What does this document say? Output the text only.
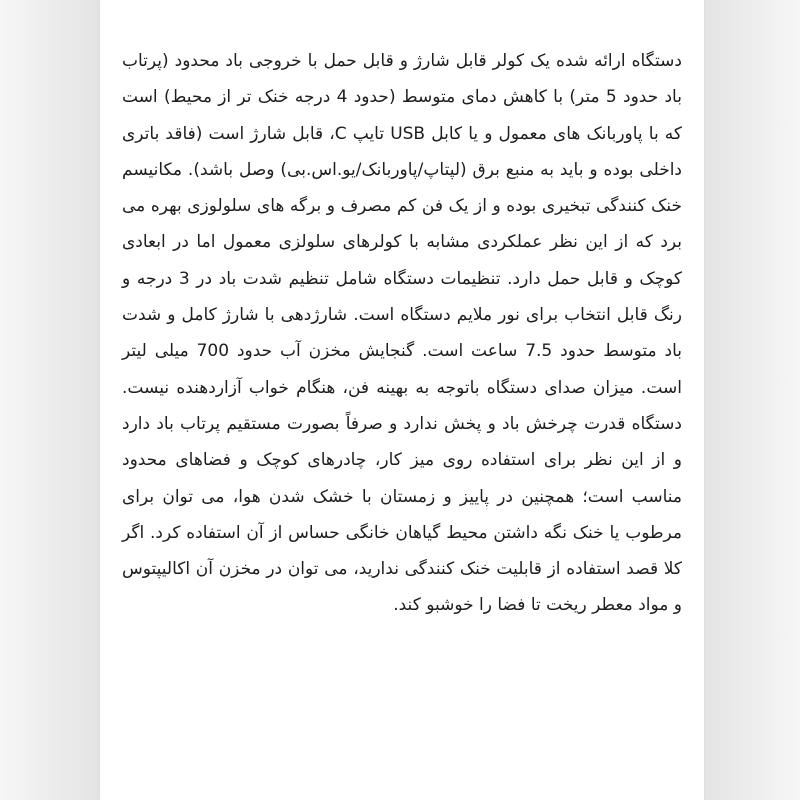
دستگاه ارائه شده یک کولر قابل شارژ و قابل حمل با خروجی باد محدود (پرتاب باد حدود 5 متر) با کاهش دمای متوسط (حدود 4 درجه خنک تر از محیط) است که با پاوربانک های معمول و یا کابل USB تایپ C، قابل شارژ است (فاقد باتری داخلی بوده و باید به منبع برق (لپتاپ/پاوربانک/یو.اس.بی) وصل باشد). مکانیسم خنک کنندگی تبخیری بوده و از یک فن کم مصرف و برگه های سلولوزی بهره می برد که از این نظر عملکردی مشابه با کولرهای سلولزی معمول اما در ابعادی کوچک و قابل حمل دارد. تنظیمات دستگاه شامل تنظیم شدت باد در 3 درجه و رنگ قابل انتخاب برای نور ملایم دستگاه است. شارژدهی با شارژ کامل و شدت باد متوسط حدود 7.5 ساعت است. گنجایش مخزن آب حدود 700 میلی لیتر است. میزان صدای دستگاه باتوجه به بهینه فن، هنگام خواب آزاردهنده نیست. دستگاه قدرت چرخش باد و پخش ندارد و صرفاً بصورت مستقیم پرتاب باد دارد و از این نظر برای استفاده روی میز کار، چادرهای کوچک و فضاهای محدود مناسب است؛ همچنین در پاییز و زمستان با خشک شدن هوا، می توان برای مرطوب یا خنک نگه داشتن محیط گیاهان خانگی حساس از آن استفاده کرد. اگر کلا قصد استفاده از قابلیت خنک کنندگی ندارید، می توان در مخزن آن اکالیپتوس و مواد معطر ریخت تا فضا را خوشبو کند.
